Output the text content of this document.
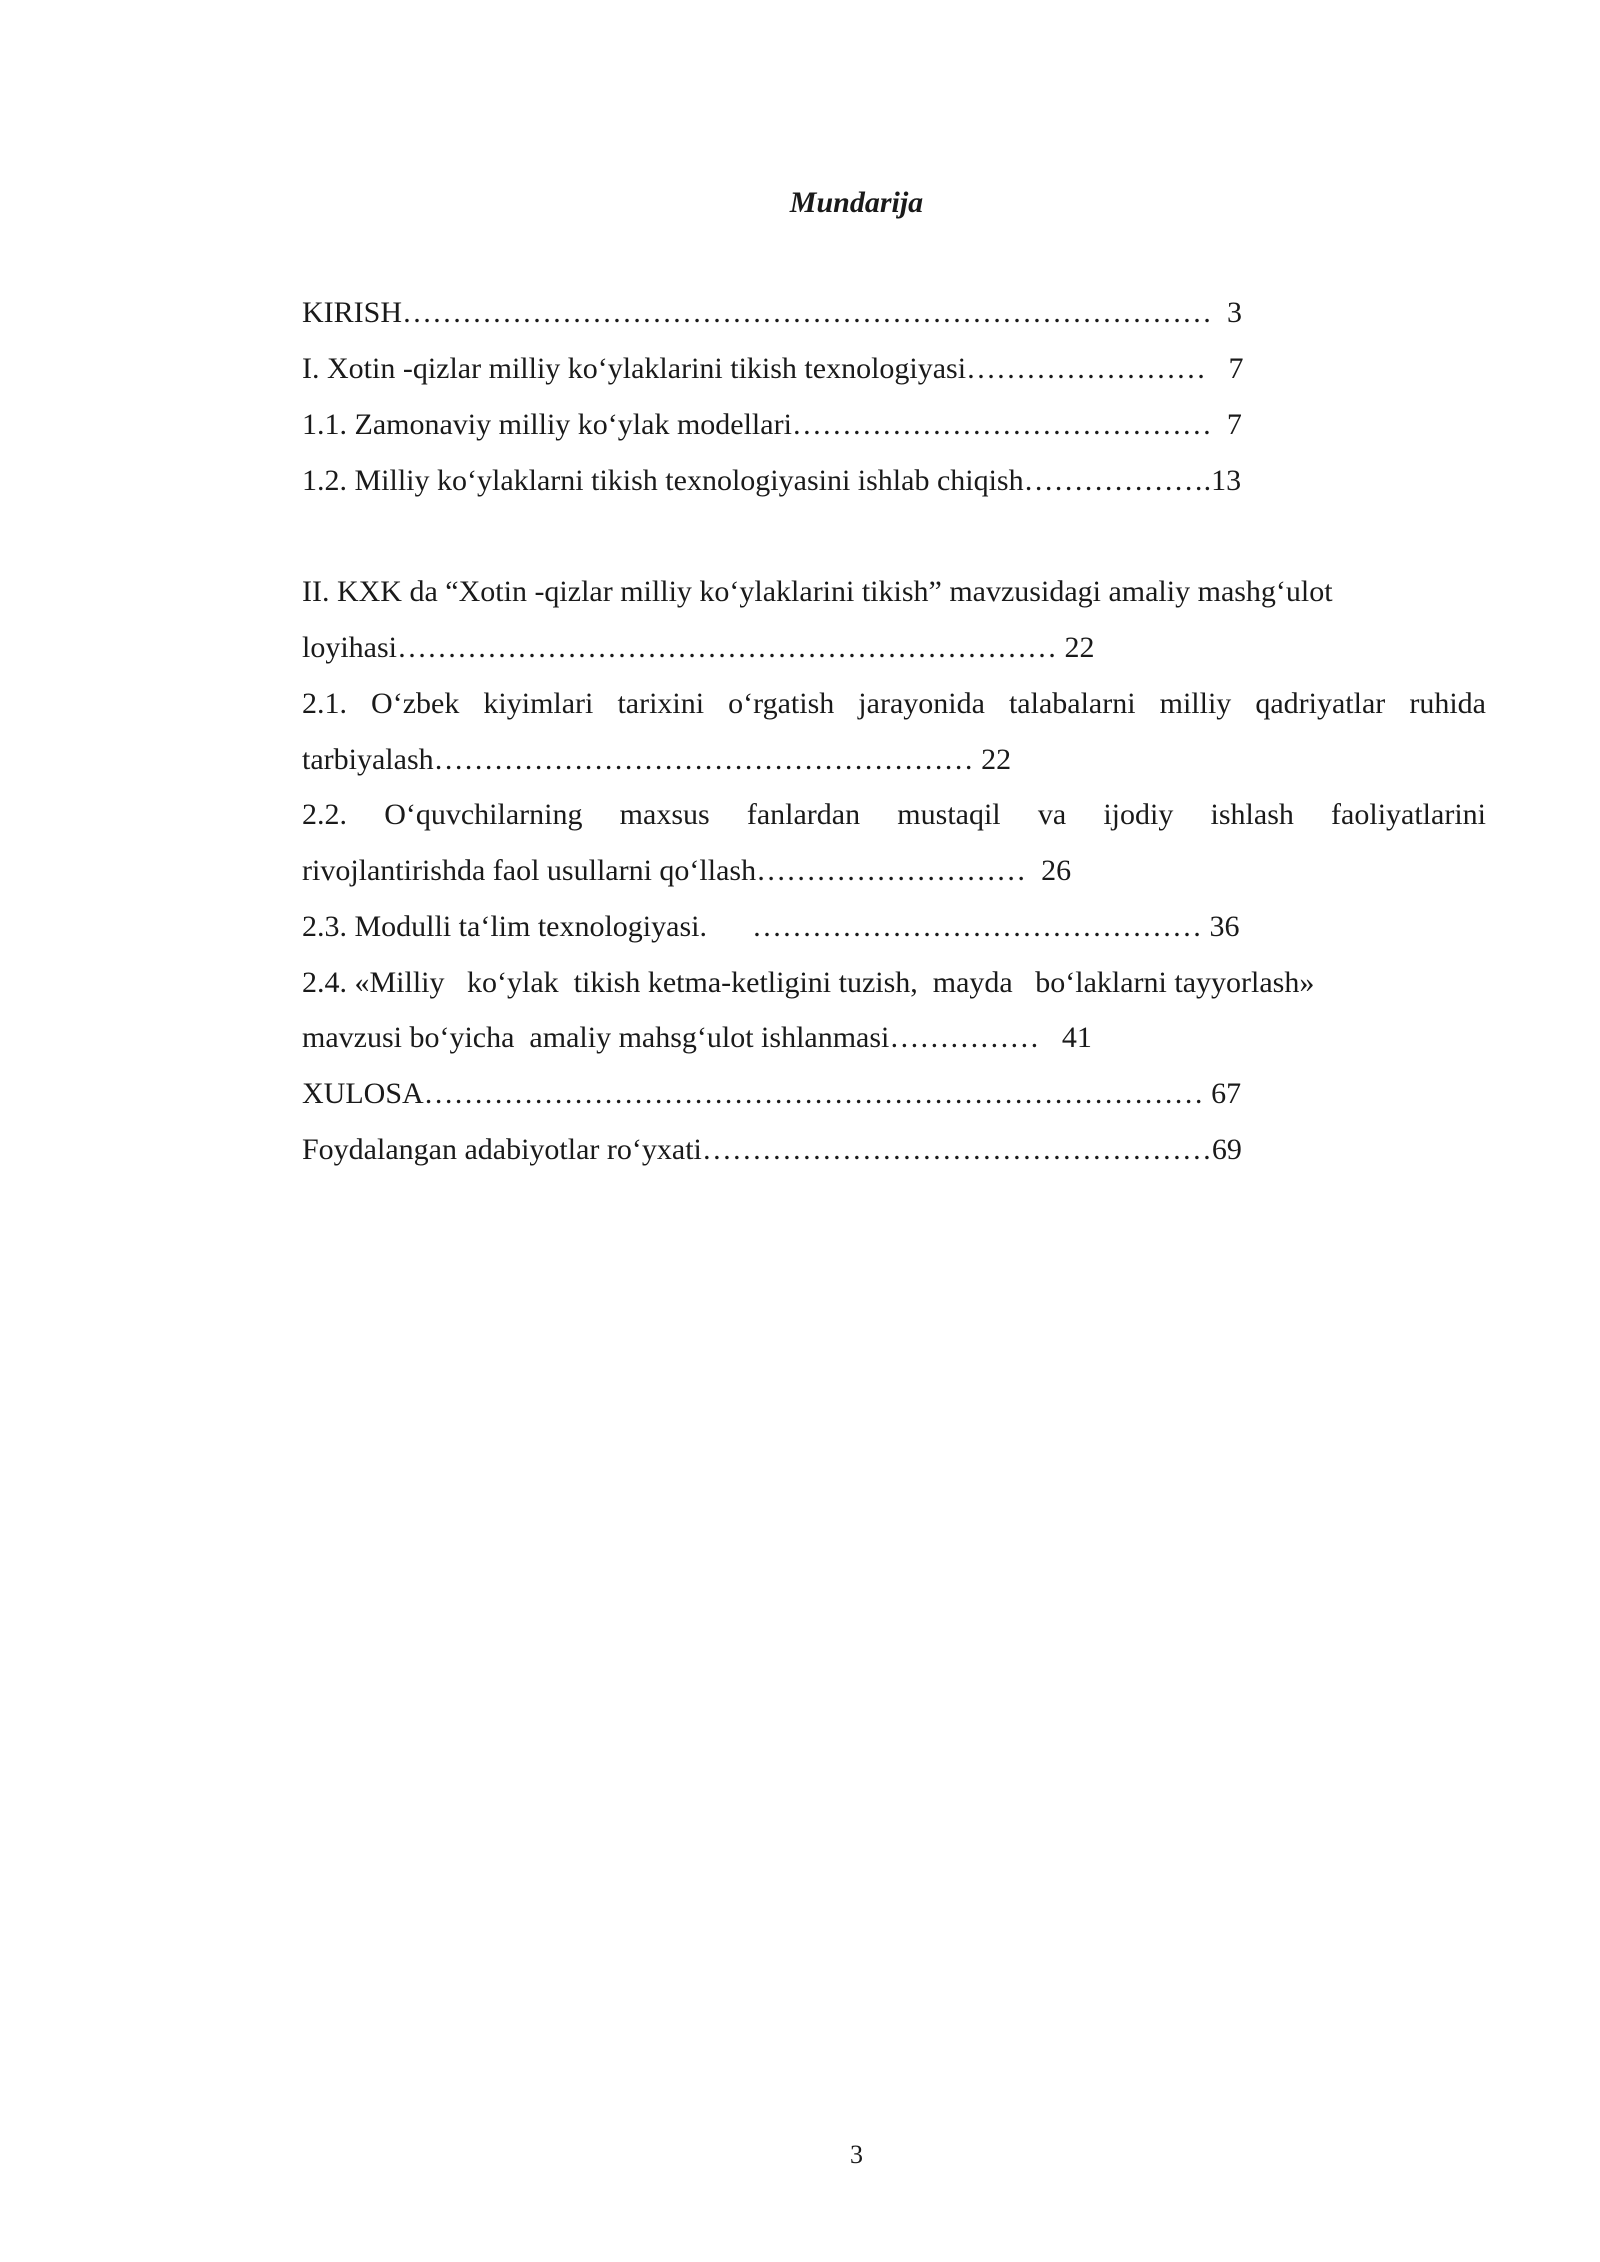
Mundarija
KIRISH………………………………………………………………………  3
I. Xotin -qizlar milliy ko‘ylaklarini tikish texnologiyasi……………………   7
1.1. Zamonaviy milliy ko‘ylak modellari……………………………………  7
1.2. Milliy ko‘ylaklarni tikish texnologiyasini ishlab chiqish……………….13
II. KXK da “Xotin -qizlar milliy ko‘ylaklarini tikish” mavzusidagi amaliy mashg‘ulot
loyihasi………………………………………………………… 22
2.1. O‘zbek kiyimlari tarixini o‘rgatish jarayonida talabalarni milliy qadriyatlar ruhida
tarbiyalash……………………………………………… 22
2.2. O‘quvchilarning maxsus fanlardan mustaqil va ijodiy ishlash faoliyatlarini
rivojlantirishda faol usullarni qo‘llash………………………  26
2.3. Modulli ta‘lim texnologiyasi.      ……………………………………… 36
2.4. «Milliy   ko‘ylak  tikish ketma-ketligini tuzish,  mayda   bo‘laklarni tayyorlash»
mavzusi bo‘yicha  amaliy mahsg‘ulot ishlanmasi……………   41
XULOSA…………………………………………………………………… 67
Foydalangan adabiyotlar ro‘yxati……………………………………………69
3
